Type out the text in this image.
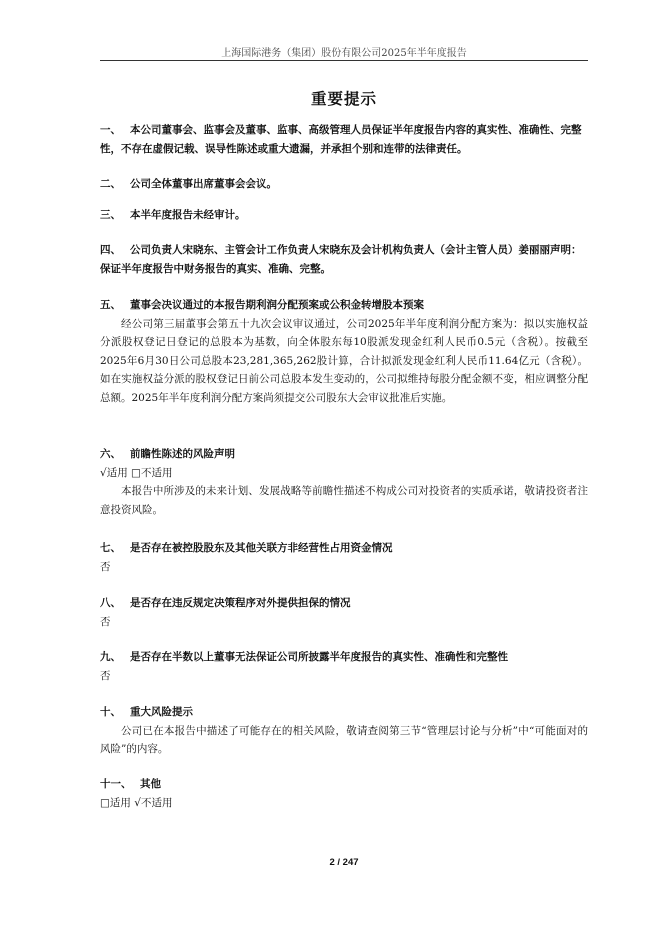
上海国际港务（集团）股份有限公司2025年半年度报告
重要提示
一、 本公司董事会、监事会及董事、监事、高级管理人员保证半年度报告内容的真实性、准确性、完整性，不存在虚假记载、误导性陈述或重大遗漏，并承担个别和连带的法律责任。
二、 公司全体董事出席董事会会议。
三、 本半年度报告未经审计。
四、 公司负责人宋晓东、主管会计工作负责人宋晓东及会计机构负责人（会计主管人员）姜丽丽声明：保证半年度报告中财务报告的真实、准确、完整。
五、 董事会决议通过的本报告期利润分配预案或公积金转增股本预案
经公司第三届董事会第五十九次会议审议通过，公司2025年半年度利润分配方案为：拟以实施权益分派股权登记日登记的总股本为基数，向全体股东每10股派发现金红利人民币0.5元（含税）。按截至2025年6月30日公司总股本23,281,365,262股计算，合计拟派发现金红利人民币11.64亿元（含税）。如在实施权益分派的股权登记日前公司总股本发生变动的，公司拟维持每股分配金额不变，相应调整分配总额。2025年半年度利润分配方案尚须提交公司股东大会审议批准后实施。
六、 前瞻性陈述的风险声明
√适用 □不适用
本报告中所涉及的未来计划、发展战略等前瞻性描述不构成公司对投资者的实质承诺，敬请投资者注意投资风险。
七、 是否存在被控股股东及其他关联方非经营性占用资金情况
否
八、 是否存在违反规定决策程序对外提供担保的情况
否
九、 是否存在半数以上董事无法保证公司所披露半年度报告的真实性、准确性和完整性
否
十、 重大风险提示
公司已在本报告中描述了可能存在的相关风险，敬请查阅第三节“管理层讨论与分析”中“可能面对的风险”的内容。
十一、 其他
□适用 √不适用
2 / 247
